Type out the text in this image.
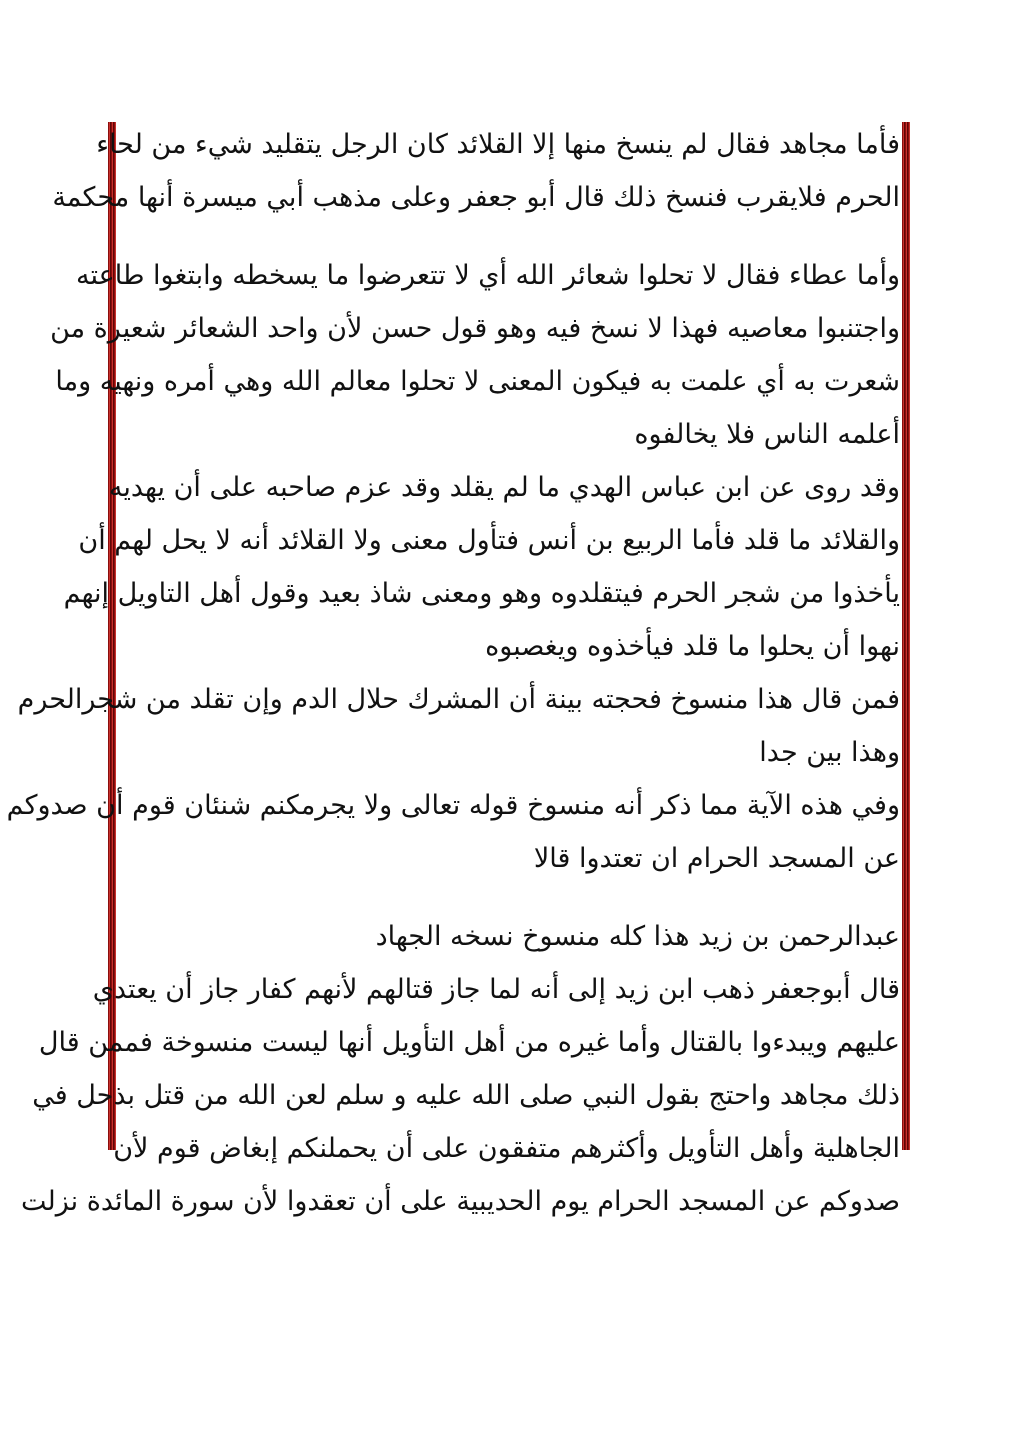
فأما مجاهد فقال لم ينسخ منها إلا القلائد كان الرجل يتقليد شيء من لحاء
الحرم فلايقرب فنسخ ذلك قال أبو جعفر وعلى مذهب أبي ميسرة أنها محكمة
وأما عطاء فقال لا تحلوا شعائر الله أي لا تتعرضوا ما يسخطه وابتغوا طاعته
واجتنبوا معاصيه فهذا لا نسخ فيه وهو قول حسن لأن واحد الشعائر شعيرة من
شعرت به أي علمت به فيكون المعنى لا تحلوا معالم الله وهي أمره ونهيه وما
أعلمه الناس فلا يخالفوه
وقد روى عن ابن عباس الهدي ما لم يقلد وقد عزم صاحبه على أن يهديه
والقلائد ما قلد فأما الربيع بن أنس فتأول معنى ولا القلائد أنه لا يحل لهم أن
يأخذوا من شجر الحرم فيتقلدوه وهو ومعنى شاذ بعيد وقول أهل التاويل إنهم
نهوا أن يحلوا ما قلد فيأخذوه ويغصبوه
فمن قال هذا منسوخ فحجته بينة أن المشرك حلال الدم وإن تقلد من شجرالحرم
وهذا بين جدا
وفي هذه الآية مما ذكر أنه منسوخ قوله تعالى ولا يجرمكنم شنئان قوم أن صدوكم
عن المسجد الحرام ان تعتدوا قالا
عبدالرحمن بن زيد هذا كله منسوخ نسخه الجهاد
قال أبوجعفر ذهب ابن زيد إلى أنه لما جاز قتالهم لأنهم كفار جاز أن يعتدي
عليهم ويبدءوا بالقتال وأما غيره من أهل التأويل أنها ليست منسوخة فممن قال
ذلك مجاهد واحتج بقول النبي صلى الله عليه و سلم لعن الله من قتل بذحل في
الجاهلية وأهل التأويل وأكثرهم متفقون على أن يحملنكم إبغاض قوم لأن
صدوكم عن المسجد الحرام يوم الحديبية على أن تعقدوا لأن سورة المائدة نزلت
